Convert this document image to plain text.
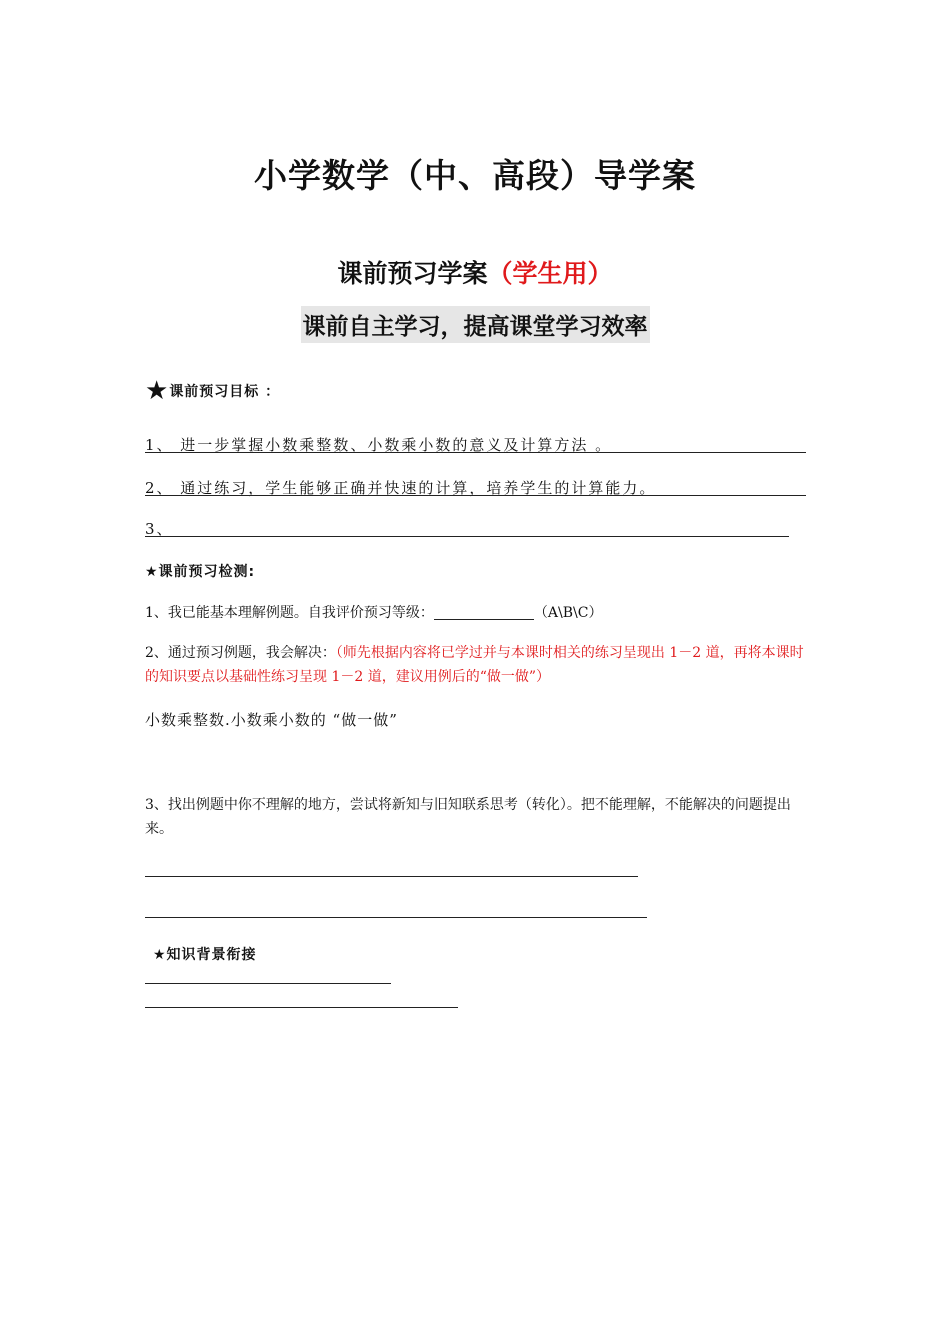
小学数学（中、高段）导学案
课前预习学案（学生用）
课前自主学习，提高课堂学习效率
★课前预习目标 ：
1、 进一步掌握小数乘整数、小数乘小数的意义及计算方法 。
2、 通过练习，学生能够正确并快速的计算，培养学生的计算能力。
3、
★课前预习检测:
1、我已能基本理解例题。自我评价预习等级：	（A\B\C）
2、通过预习例题，我会解决：（师先根据内容将已学过并与本课时相关的练习呈现出 1－2 道，再将本课时的知识要点以基础性练习呈现 1－2 道，建议用例后的“做一做”）
小数乘整数.小数乘小数的 “做一做”
3、找出例题中你不理解的地方，尝试将新知与旧知联系思考（转化）。把不能理解，不能解决的问题提出来。
★知识背景衔接
